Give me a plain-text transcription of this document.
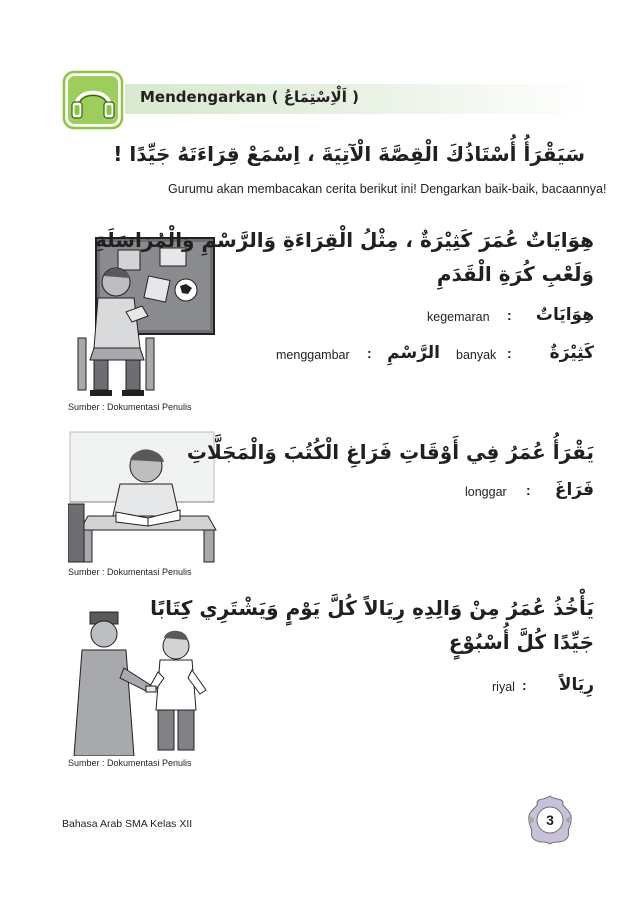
Mendengarkan ( اَلْاِسْتِمَاعُ )
سَيَقْرَأُ أُسْتَاذُكَ الْقِصَّةَ الْآتِيَةَ ، اِسْمَعْ قِرَاءَتَهُ جَيِّدًا !
Gurumu akan membacakan cerita berikut ini! Dengarkan baik-baik, bacaannya!
Sumber : Dokumentasi Penulis
هِوَايَاتٌ عُمَرَ كَثِيْرَةٌ ، مِثْلُ الْقِرَاءَةِ وَالرَّسْمِ وَالْمُرَاسَلَةِ
وَلَعْبِ كُرَةِ الْقَدَمِ
هِوَايَاتٌ
:
kegemaran
كَثِيْرَةٌ
:
banyak
الرَّسْمِ
:
menggambar
Sumber : Dokumentasi Penulis
يَقْرَأُ عُمَرُ فِي أَوْقَاتِ فَرَاغِ الْكُتُبَ وَالْمَجَلَّاتِ
فَرَاغَ
:
longgar
Sumber : Dokumentasi Penulis
يَأْخُذُ عُمَرُ مِنْ وَالِدِهِ رِيَالاً كُلَّ يَوْمٍ وَيَشْتَرِي كِتَابًا
جَيِّدًا كُلَّ أُسْبُوْعٍ
رِيَالاً
:
riyal
Bahasa Arab SMA Kelas XII	3
